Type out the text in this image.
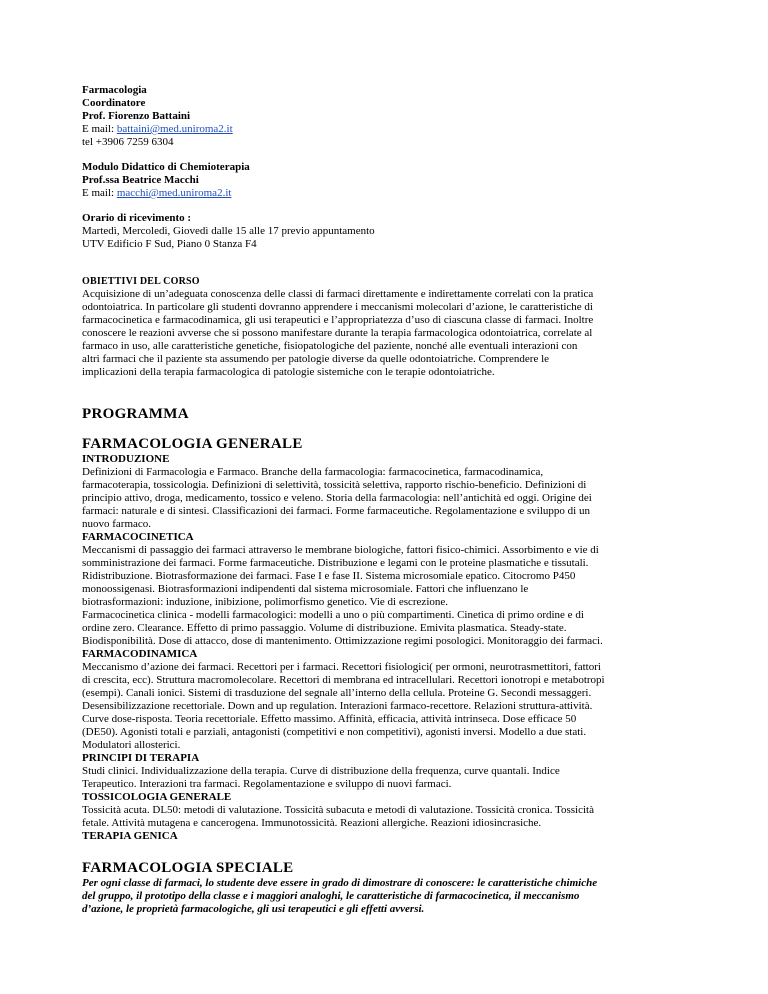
Farmacologia
Coordinatore
Prof. Fiorenzo Battaini
E mail: battaini@med.uniroma2.it
tel +3906 7259 6304
Modulo Didattico di Chemioterapia
Prof.ssa Beatrice Macchi
E mail: macchi@med.uniroma2.it
Orario di ricevimento :
Martedì, Mercoledì, Giovedì dalle 15 alle 17 previo appuntamento
UTV Edificio F Sud, Piano 0 Stanza F4
OBIETTIVI DEL CORSO
Acquisizione di un’adeguata conoscenza delle classi di farmaci direttamente e indirettamente correlati con la pratica
odontoiatrica. In particolare gli studenti dovranno apprendere i meccanismi molecolari d’azione, le caratteristiche di
farmacocinetica e farmacodinamica, gli usi terapeutici e l’appropriatezza d’uso di ciascuna classe di farmaci. Inoltre
conoscere le reazioni avverse che si possono manifestare durante la terapia farmacologica odontoiatrica, correlate al
farmaco in uso, alle caratteristiche genetiche, fisiopatologiche del paziente, nonché alle eventuali interazioni con
altri farmaci che il paziente sta assumendo per patologie diverse da quelle odontoiatriche. Comprendere le
implicazioni della terapia farmacologica di patologie sistemiche con le terapie odontoiatriche.
PROGRAMMA
FARMACOLOGIA GENERALE
INTRODUZIONE
Definizioni di Farmacologia e Farmaco. Branche della farmacologia: farmacocinetica, farmacodinamica,
farmacoterapia, tossicologia. Definizioni di selettività, tossicità selettiva, rapporto rischio-beneficio. Definizioni di
principio attivo, droga, medicamento, tossico e veleno. Storia della farmacologia: nell’antichità ed oggi. Origine dei
farmaci: naturale e di sintesi. Classificazioni dei farmaci. Forme farmaceutiche. Regolamentazione e sviluppo di un
nuovo farmaco.
FARMACOCINETICA
Meccanismi di passaggio dei farmaci attraverso le membrane biologiche, fattori fisico-chimici. Assorbimento e vie di
somministrazione dei farmaci. Forme farmaceutiche. Distribuzione e legami con le proteine plasmatiche e tissutali.
Ridistribuzione. Biotrasformazione dei farmaci. Fase I e fase II. Sistema microsomiale epatico. Citocromo P450
monoossigenasi. Biotrasformazioni indipendenti dal sistema microsomiale. Fattori che influenzano le
biotrasformazioni: induzione, inibizione, polimorfismo genetico. Vie di escrezione.
Farmacocinetica clinica - modelli farmacologici: modelli a uno o più compartimenti. Cinetica di primo ordine e di
ordine zero. Clearance. Effetto di primo passaggio. Volume di distribuzione. Emivita plasmatica. Steady-state.
Biodisponibilità. Dose di attacco, dose di mantenimento. Ottimizzazione regimi posologici. Monitoraggio dei farmaci.
FARMACODINAMICA
Meccanismo d’azione dei farmaci. Recettori per i farmaci. Recettori fisiologici( per ormoni, neurotrasmettitori, fattori
di crescita, ecc). Struttura macromolecolare. Recettori di membrana ed intracellulari. Recettori ionotropi e metabotropi
(esempi). Canali ionici. Sistemi di trasduzione del segnale all’interno della cellula. Proteine G. Secondi messaggeri.
Desensibilizzazione recettoriale. Down and up regulation. Interazioni farmaco-recettore. Relazioni struttura-attività.
Curve dose-risposta. Teoria recettoriale. Effetto massimo. Affinità, efficacia, attività intrinseca. Dose efficace 50
(DE50). Agonisti totali e parziali, antagonisti (competitivi e non competitivi), agonisti inversi. Modello a due stati.
Modulatori allosterici.
PRINCIPI DI TERAPIA
Studi clinici. Individualizzazione della terapia. Curve di distribuzione della frequenza, curve quantali. Indice
Terapeutico. Interazioni tra farmaci. Regolamentazione e sviluppo di nuovi farmaci.
TOSSICOLOGIA GENERALE
Tossicità acuta. DL50: metodi di valutazione. Tossicità subacuta e metodi di valutazione. Tossicità cronica. Tossicità
fetale. Attività mutagena e cancerogena. Immunotossicità. Reazioni allergiche. Reazioni idiosincrasiche.
TERAPIA GENICA
FARMACOLOGIA SPECIALE
Per ogni classe di farmaci, lo studente deve essere in grado di dimostrare di conoscere: le caratteristiche chimiche
del gruppo, il prototipo della classe e i maggiori analoghi, le caratteristiche di farmacocinetica, il meccanismo
d’azione, le proprietà farmacologiche, gli usi terapeutici e gli effetti avversi.
